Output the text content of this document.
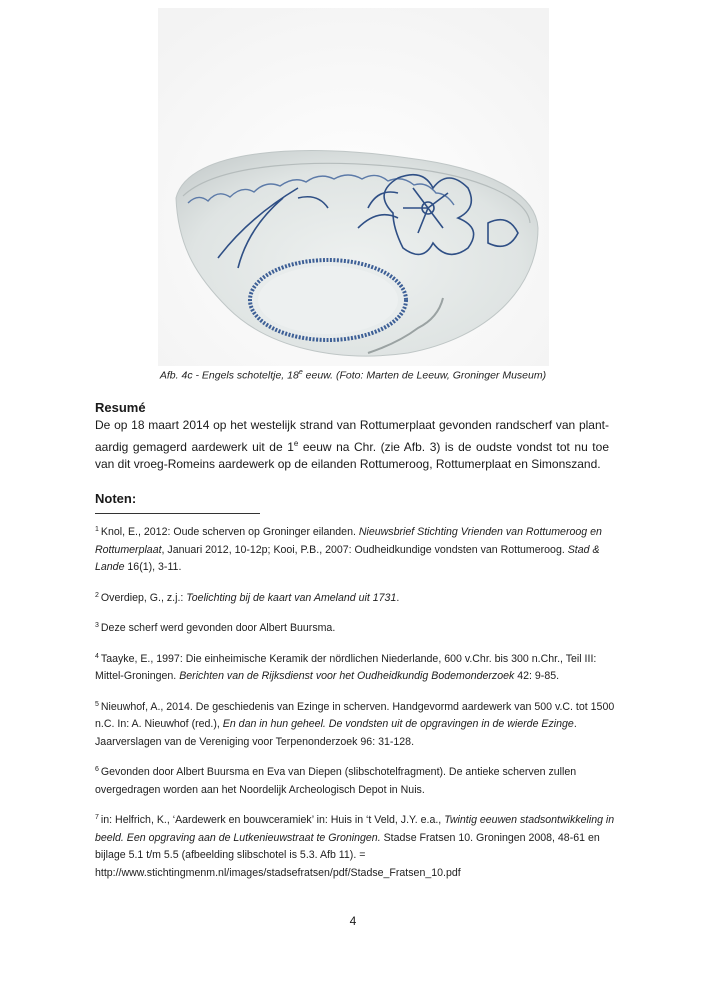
Afb. 4c - Engels schoteltje, 18e eeuw. (Foto: Marten de Leeuw, Groninger Museum)
Resumé
De op 18 maart 2014 op het westelijk strand van Rottumerplaat gevonden randscherf van plant-aardig gemagerd aardewerk uit de 1e eeuw na Chr. (zie Afb. 3) is de oudste vondst tot nu toe van dit vroeg-Romeins aardewerk op de eilanden Rottumeroog, Rottumerplaat en Simonszand.
Noten:
$^1$ Knol, E., 2012: Oude scherven op Groninger eilanden. Nieuwsbrief Stichting Vrienden van Rottumeroog en Rottumerplaat, Januari 2012, 10-12p; Kooi, P.B., 2007: Oudheidkundige vondsten van Rottumeroog. Stad & Lande 16(1), 3-11.
$^2$ Overdiep, G., z.j.: Toelichting bij de kaart van Ameland uit 1731.
$^3$ Deze scherf werd gevonden door Albert Buursma.
$^4$ Taayke, E., 1997: Die einheimische Keramik der nördlichen Niederlande, 600 v.Chr. bis 300 n.Chr., Teil III: Mittel-Groningen. Berichten van de Rijksdienst voor het Oudheidkundig Bodemonderzoek 42: 9-85.
$^5$ Nieuwhof, A., 2014. De geschiedenis van Ezinge in scherven. Handgevormd aardewerk van 500 v.C. tot 1500 n.C. In: A. Nieuwhof (red.), En dan in hun geheel. De vondsten uit de opgravingen in de wierde Ezinge. Jaarverslagen van de Vereniging voor Terpenonderzoek 96: 31-128.
$^6$ Gevonden door Albert Buursma en Eva van Diepen (slibschotelfragment). De antieke scherven zullen overgedragen worden aan het Noordelijk Archeologisch Depot in Nuis.
$^7$ in: Helfrich, K., ‘Aardewerk en bouwceramiek’ in: Huis in ‘t Veld, J.Y. e.a., Twintig eeuwen stadsontwikkeling in beeld. Een opgraving aan de Lutkenieuwstraat te Groningen. Stadse Fratsen 10. Groningen 2008, 48-61 en bijlage 5.1 t/m 5.5 (afbeelding slibschotel is 5.3. Afb 11). = http://www.stichtingmenm.nl/images/stadsefratsen/pdf/Stadse_Fratsen_10.pdf
4
